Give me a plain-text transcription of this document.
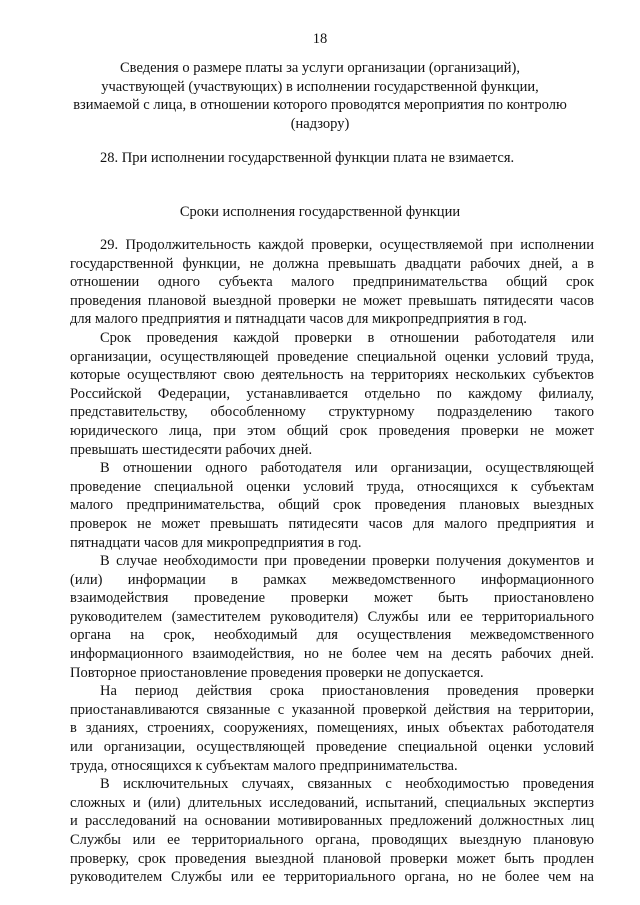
18
Сведения о размере платы за услуги организации (организаций),
участвующей (участвующих) в исполнении государственной функции,
взимаемой с лица, в отношении которого проводятся мероприятия по контролю
(надзору)
28. При исполнении государственной функции плата не взимается.
Сроки исполнения государственной функции

29. Продолжительность каждой проверки, осуществляемой при исполнении
государственной функции, не должна превышать двадцати рабочих дней, а в
отношении одного субъекта малого предпринимательства общий срок
проведения плановой выездной проверки не может превышать пятидесяти часов
для малого предприятия и пятнадцати часов для микропредприятия в год.

Срок проведения каждой проверки в отношении работодателя или
организации, осуществляющей проведение специальной оценки условий труда,
которые осуществляют свою деятельность на территориях нескольких субъектов
Российской Федерации, устанавливается отдельно по каждому филиалу,
представительству, обособленному структурному подразделению такого
юридического лица, при этом общий срок проведения проверки не может
превышать шестидесяти рабочих дней.

В отношении одного работодателя или организации, осуществляющей
проведение специальной оценки условий труда, относящихся к субъектам
малого предпринимательства, общий срок проведения плановых выездных
проверок не может превышать пятидесяти часов для малого предприятия и
пятнадцати часов для микропредприятия в год.

В случае необходимости при проведении проверки получения документов и
(или) информации в рамках межведомственного информационного
взаимодействия проведение проверки может быть приостановлено
руководителем (заместителем руководителя) Службы или ее территориального
органа на срок, необходимый для осуществления межведомственного
информационного взаимодействия, но не более чем на десять рабочих дней.
Повторное приостановление проведения проверки не допускается.

На период действия срока приостановления проведения проверки
приостанавливаются связанные с указанной проверкой действия на территории,
в зданиях, строениях, сооружениях, помещениях, иных объектах работодателя
или организации, осуществляющей проведение специальной оценки условий
труда, относящихся к субъектам малого предпринимательства.

В исключительных случаях, связанных с необходимостью проведения
сложных и (или) длительных исследований, испытаний, специальных экспертиз
и расследований на основании мотивированных предложений должностных лиц
Службы или ее территориального органа, проводящих выездную плановую
проверку, срок проведения выездной плановой проверки может быть продлен
руководителем Службы или ее территориального органа, но не более чем на
